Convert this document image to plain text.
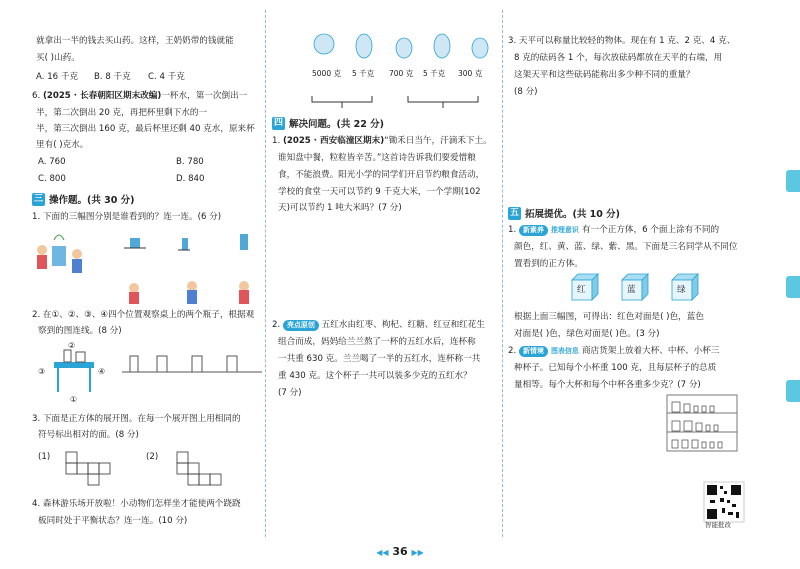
就拿出一半的钱去买山药。这样，王奶奶带的钱就能
买( )山药。
A. 16 千克 B. 8 千克 C. 4 千克
6. (2025 · 长春朝阳区期末改编)一杯水，第一次倒出一
半，第二次倒出 20 克，再把杯里剩下水的一
半，第三次倒出 160 克，最后杯里还剩 40 克水，原来杯
里有( )克水。
A. 760	B. 780
C. 800	D. 840
三 操作题。(共 30 分)
1. 下面的三幅图分别是谁看到的？连一连。(6 分)
2. 在①、②、③、④四个位置观察桌上的两个瓶子，根据观
察到的图连线。(8 分)
②
③	④
①
3. 下面是正方体的展开图。在每一个展开图上用相同的
符号标出相对的面。(8 分)
(1)	(2)
4. 森林游乐场开放啦！小动物们怎样坐才能使两个跷跷
板同时处于平衡状态？连一连。(10 分)
5000 克 5 千克 700 克 5 千克 300 克
四 解决问题。(共 22 分)
1. (2025 · 西安临潼区期末)“锄禾日当午，汗滴禾下土。
谁知盘中餐，粒粒皆辛苦。”这首诗告诉我们要爱惜粮
食，不能浪费。阳光小学的同学们开启节约粮食活动，
学校的食堂一天可以节约 9 千克大米，一个学期(102
天)可以节约 1 吨大米吗？(7 分)
2. 亮点原创 五红水由红枣、枸杞、红糖、红豆和红花生
组合而成，妈妈给兰兰熬了一杯的五红水后，连杯称
一共重 630 克。兰兰喝了一半的五红水，连杯称一共
重 430 克。这个杯子一共可以装多少克的五红水？
(7 分)
3. 天平可以称量比较轻的物体。现在有 1 克、2 克、4 克、
8 克的砝码各 1 个，每次放砝码都放在天平的右端，用
这架天平和这些砝码能称出多少种不同的重量？
(8 分)
五 拓展提优。(共 10 分)
1. 新素养 推理意识 有一个正方体，6 个面上涂有不同的
颜色，红、黄、蓝、绿、紫、黑。下面是三名同学从不同位
置看到的正方体。
红	蓝	绿
根据上面三幅图，可得出：红色对面是( )色，蓝色
对面是( )色，绿色对面是( )色。(3 分)
2. 新情境 图表信息 商店货架上放着大杯、中杯、小杯三
种杯子。已知每个小杯重 100 克，且每层杯子的总质
量相等。每个大杯和每个中杯各重多少克？(7 分)
智能批改
◀◀ 36 ▶▶
